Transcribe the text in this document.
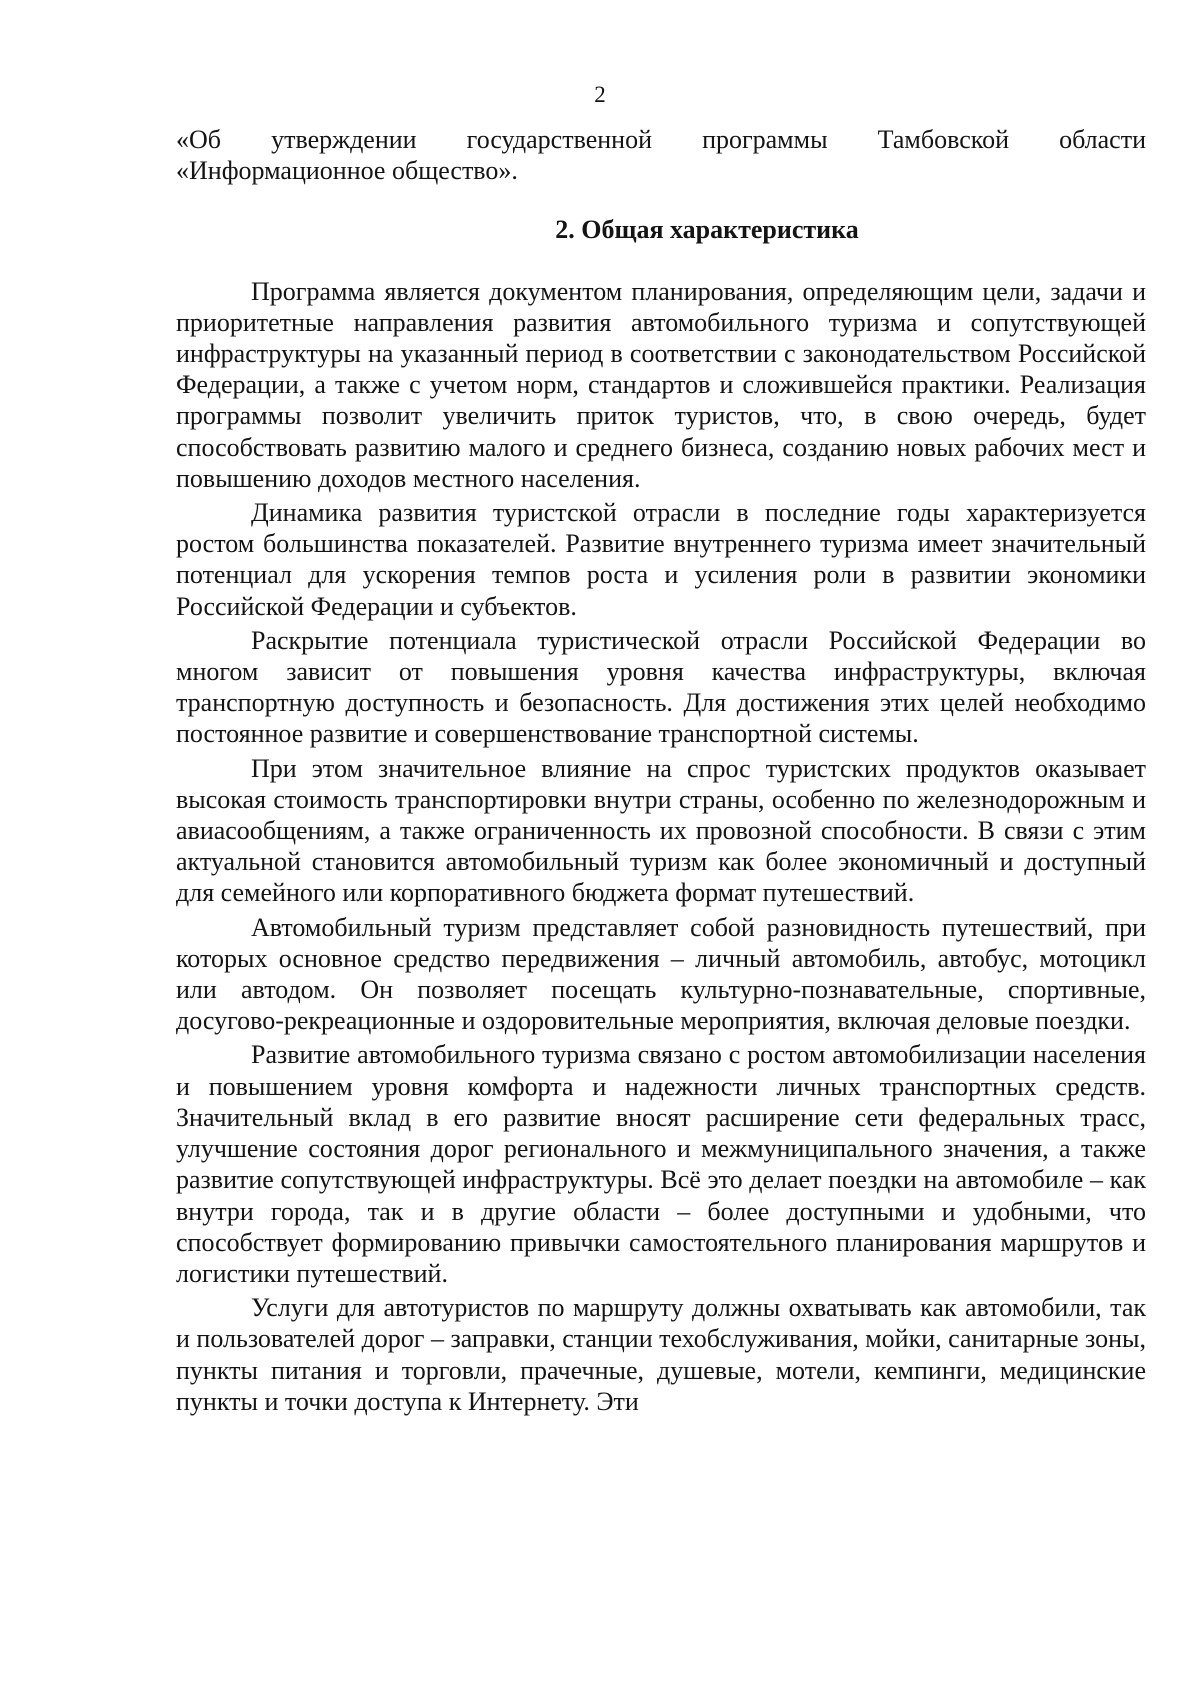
2

«Об утверждении государственной программы Тамбовской области
«Информационное общество».

2. Общая характеристика

Программа является документом планирования, определяющим цели, задачи и приоритетные направления развития автомобильного туризма и сопутствующей инфраструктуры на указанный период в соответствии с законодательством Российской Федерации, а также с учетом норм, стандартов и сложившейся практики. Реализация программы позволит увеличить приток туристов, что, в свою очередь, будет способствовать развитию малого и среднего бизнеса, созданию новых рабочих мест и повышению доходов местного населения.

Динамика развития туристской отрасли в последние годы характеризуется ростом большинства показателей. Развитие внутреннего туризма имеет значительный потенциал для ускорения темпов роста и усиления роли в развитии экономики Российской Федерации и субъектов.

Раскрытие потенциала туристической отрасли Российской Федерации во многом зависит от повышения уровня качества инфраструктуры, включая транспортную доступность и безопасность. Для достижения этих целей необходимо постоянное развитие и совершенствование транспортной системы.

При этом значительное влияние на спрос туристских продуктов оказывает высокая стоимость транспортировки внутри страны, особенно по железнодорожным и авиасообщениям, а также ограниченность их провозной способности. В связи с этим актуальной становится автомобильный туризм как более экономичный и доступный для семейного или корпоративного бюджета формат путешествий.

Автомобильный туризм представляет собой разновидность путешествий, при которых основное средство передвижения – личный автомобиль, автобус, мотоцикл или автодом. Он позволяет посещать культурно-познавательные, спортивные, досугово-рекреационные и оздоровительные мероприятия, включая деловые поездки.

Развитие автомобильного туризма связано с ростом автомобилизации населения и повышением уровня комфорта и надежности личных транспортных средств. Значительный вклад в его развитие вносят расширение сети федеральных трасс, улучшение состояния дорог регионального и межмуниципального значения, а также развитие сопутствующей инфраструктуры. Всё это делает поездки на автомобиле – как внутри города, так и в другие области – более доступными и удобными, что способствует формированию привычки самостоятельного планирования маршрутов и логистики путешествий.

Услуги для автотуристов по маршруту должны охватывать как автомобили, так и пользователей дорог – заправки, станции техобслуживания, мойки, санитарные зоны, пункты питания и торговли, прачечные, душевые, мотели, кемпинги, медицинские пункты и точки доступа к Интернету. Эти
